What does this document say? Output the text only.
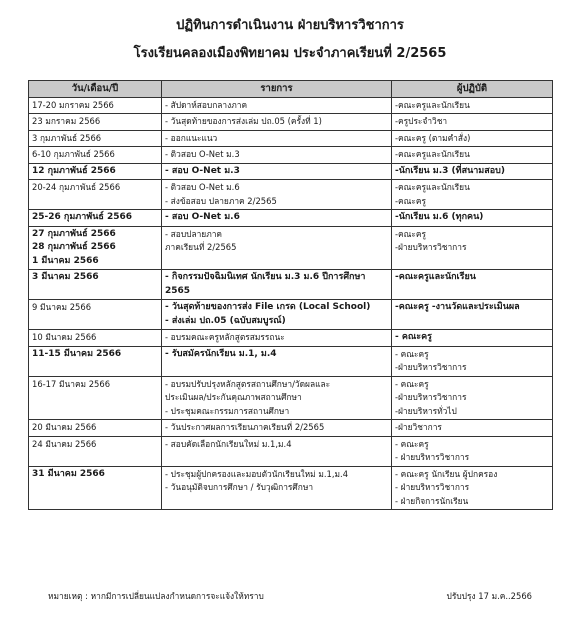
ปฏิทินการดำเนินงาน ฝ่ายบริหารวิชาการ
โรงเรียนคลองเมืองพิทยาคม ประจำภาคเรียนที่ 2/2565
วัน/เดือน/ปี	รายการ	ผู้ปฏิบัติ

17-20 มกราคม 2566	- สัปดาห์สอบกลางภาค	-คณะครูและนักเรียน

23 มกราคม 2566	- วันสุดท้ายของการส่งเล่ม ปถ.05 (ครั้งที่ 1)	-ครูประจำวิชา

3 กุมภาพันธ์ 2566	- ออกแนะแนว	-คณะครู (ตามคำสั่ง)

6-10 กุมภาพันธ์ 2566	- ติวสอบ O-Net ม.3	-คณะครูและนักเรียน

12 กุมภาพันธ์ 2566	- สอบ O-Net ม.3	-นักเรียน ม.3 (ที่สนามสอบ)

20-24 กุมภาพันธ์ 2566	- ติวสอบ O-Net ม.6
- ส่งข้อสอบ ปลายภาค 2/2565	-คณะครูและนักเรียน
-คณะครู

25-26 กุมภาพันธ์ 2566	- สอบ O-Net ม.6	-นักเรียน ม.6 (ทุกคน)

27 กุมภาพันธ์ 2566
28 กุมภาพันธ์ 2566
1 มีนาคม 2566	- สอบปลายภาค
ภาคเรียนที่ 2/2565	-คณะครู
-ฝ่ายบริหารวิชาการ

3 มีนาคม 2566	- กิจกรรมปัจฉิมนิเทศ นักเรียน ม.3 ม.6 ปีการศึกษา
2565	-คณะครูและนักเรียน

9 มีนาคม 2566	- วันสุดท้ายของการส่ง File เกรด (Local School)
- ส่งเล่ม ปถ.05 (ฉบับสมบูรณ์)	-คณะครู -งานวัดและประเมินผล

10 มีนาคม 2566	- อบรมคณะครูหลักสูตรสมรรถนะ	- คณะครู

11-15 มีนาคม 2566	- รับสมัครนักเรียน ม.1, ม.4	- คณะครู
-ฝ่ายบริหารวิชาการ

16-17 มีนาคม 2566	- อบรมปรับปรุงหลักสูตรสถานศึกษา/วัดผลและ
ประเมินผล/ประกันคุณภาพสถานศึกษา
- ประชุมคณะกรรมการสถานศึกษา	- คณะครู
-ฝ่ายบริหารวิชาการ
-ฝ่ายบริหารทั่วไป

20 มีนาคม 2566	- วันประกาศผลการเรียนภาคเรียนที่ 2/2565	-ฝ่ายวิชาการ

24 มีนาคม 2566	- สอบคัดเลือกนักเรียนใหม่ ม.1,ม.4	- คณะครู
- ฝ่ายบริหารวิชาการ

31 มีนาคม 2566	- ประชุมผู้ปกครองและมอบตัวนักเรียนใหม่ ม.1,ม.4
- วันอนุมัติจบการศึกษา / รับวุฒิการศึกษา	- คณะครู นักเรียน ผู้ปกครอง
- ฝ่ายบริหารวิชาการ
- ฝ่ายกิจการนักเรียน
หมายเหตุ : หากมีการเปลี่ยนแปลงกำหนดการจะแจ้งให้ทราบ	ปรับปรุง 17 ม.ค..2566
